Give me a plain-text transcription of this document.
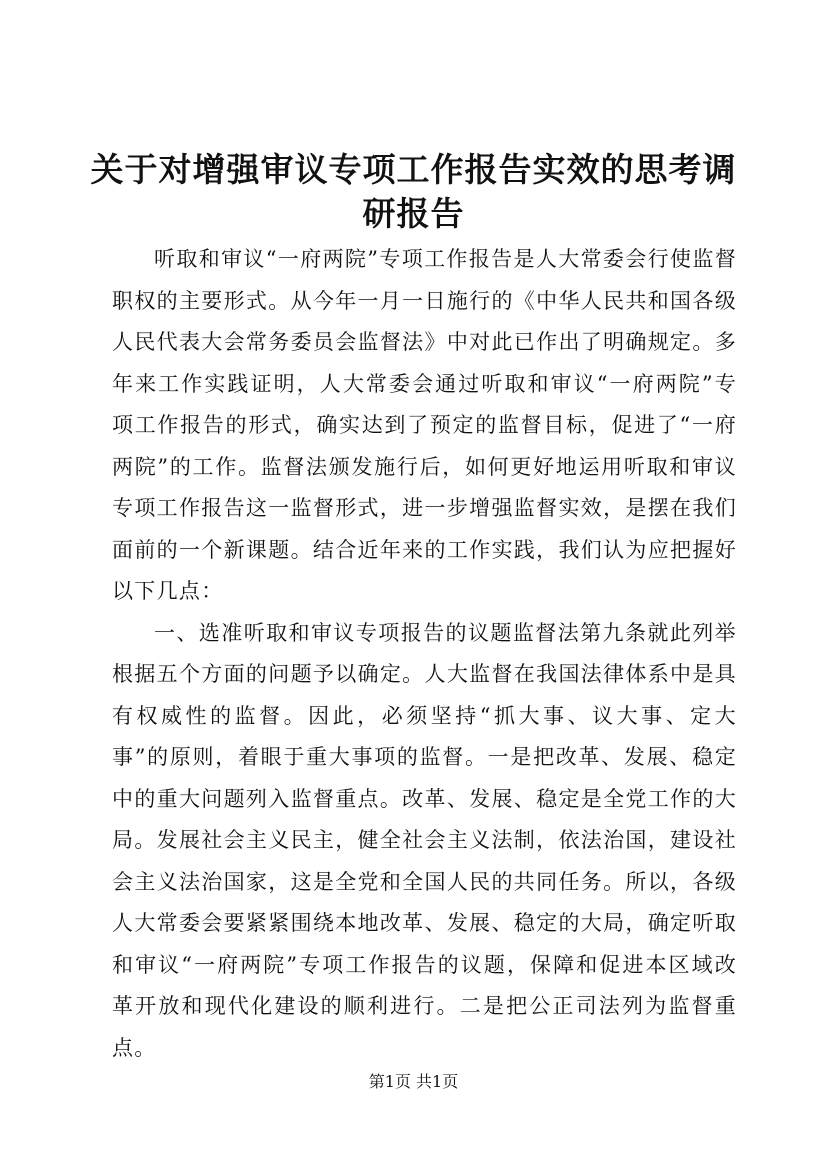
关于对增强审议专项工作报告实效的思考调研报告

听取和审议“一府两院”专项工作报告是人大常委会行使监督职权的主要形式。从今年一月一日施行的《中华人民共和国各级人民代表大会常务委员会监督法》中对此已作出了明确规定。多年来工作实践证明，人大常委会通过听取和审议“一府两院”专项工作报告的形式，确实达到了预定的监督目标，促进了“一府两院”的工作。监督法颁发施行后，如何更好地运用听取和审议专项工作报告这一监督形式，进一步增强监督实效，是摆在我们面前的一个新课题。结合近年来的工作实践，我们认为应把握好以下几点：

一、选准听取和审议专项报告的议题监督法第九条就此列举根据五个方面的问题予以确定。人大监督在我国法律体系中是具有权威性的监督。因此，必须坚持“抓大事、议大事、定大事”的原则，着眼于重大事项的监督。一是把改革、发展、稳定中的重大问题列入监督重点。改革、发展、稳定是全党工作的大局。发展社会主义民主，健全社会主义法制，依法治国，建设社会主义法治国家，这是全党和全国人民的共同任务。所以，各级人大常委会要紧紧围绕本地改革、发展、稳定的大局，确定听取和审议“一府两院”专项工作报告的议题，保障和促进本区域改革开放和现代化建设的顺利进行。二是把公正司法列为监督重点。

第1页 共1页
